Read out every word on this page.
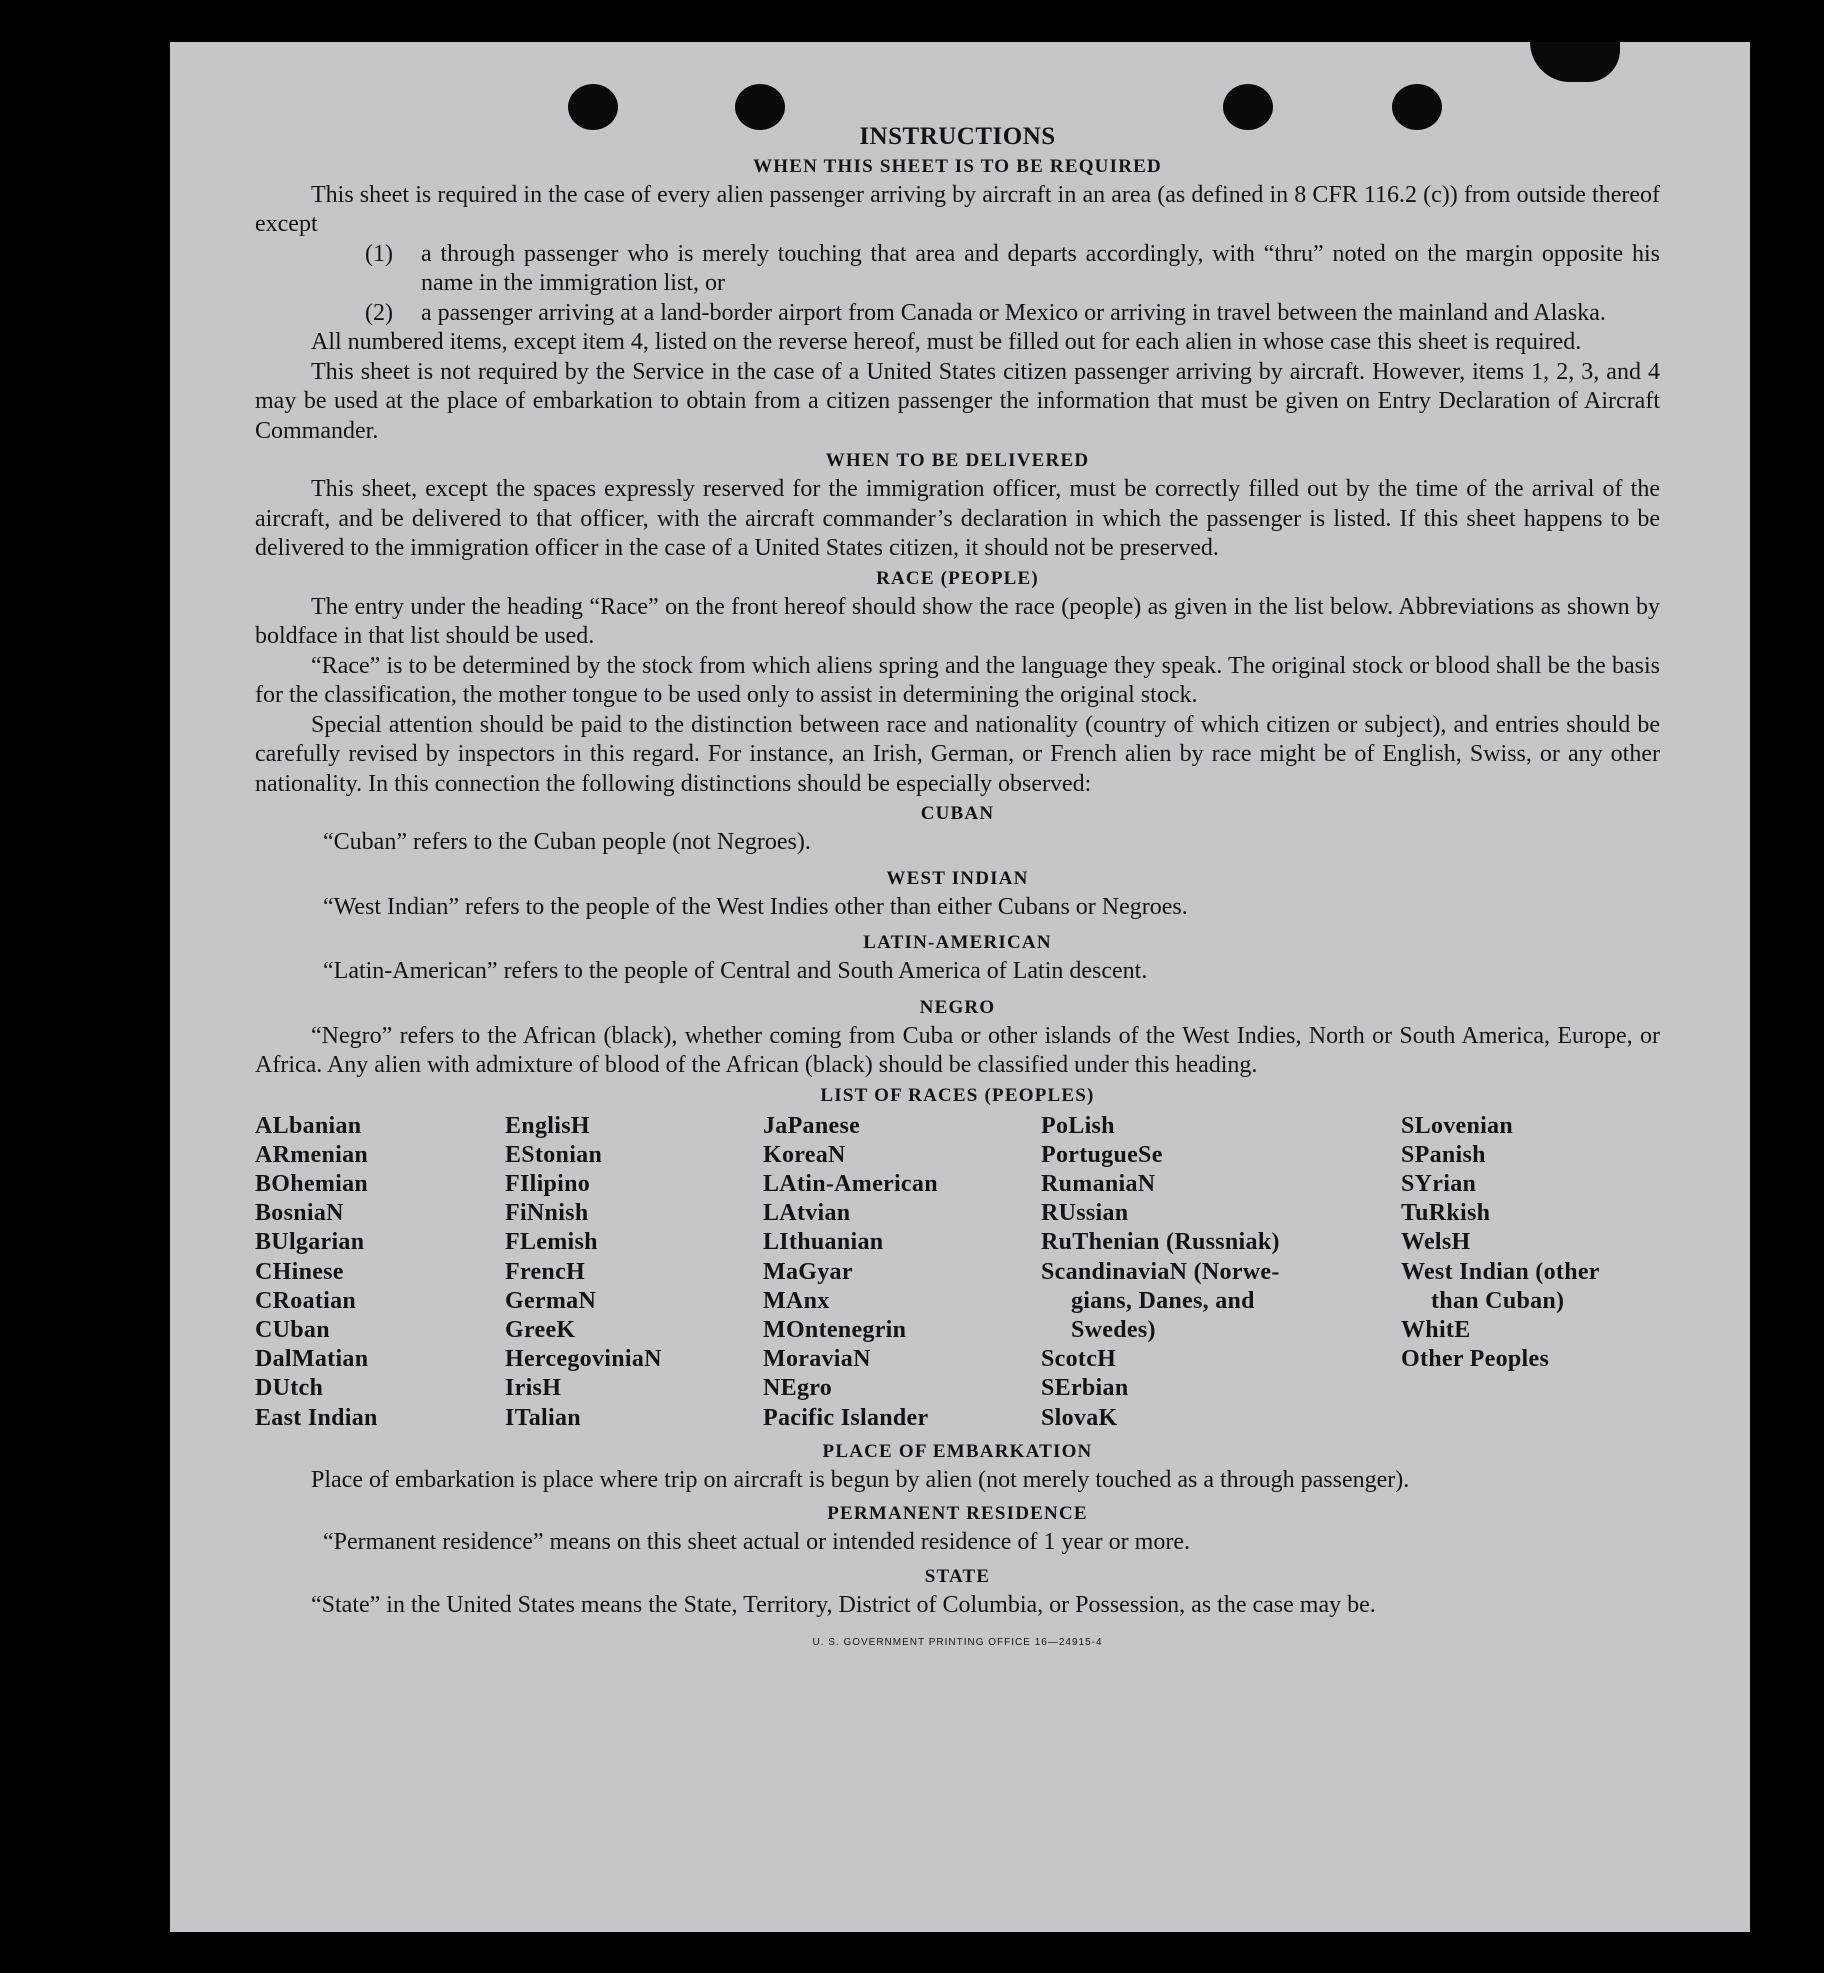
INSTRUCTIONS
WHEN THIS SHEET IS TO BE REQUIRED
This sheet is required in the case of every alien passenger arriving by aircraft in an area (as defined in 8 CFR 116.2 (c)) from outside thereof except
(1)	a through passenger who is merely touching that area and departs accordingly, with “thru” noted on the margin opposite his name in the immigration list, or
(2)	a passenger arriving at a land-border airport from Canada or Mexico or arriving in travel between the mainland and Alaska.
All numbered items, except item 4, listed on the reverse hereof, must be filled out for each alien in whose case this sheet is required.
This sheet is not required by the Service in the case of a United States citizen passenger arriving by aircraft. However, items 1, 2, 3, and 4 may be used at the place of embarkation to obtain from a citizen passenger the information that must be given on Entry Declaration of Aircraft Commander.
WHEN TO BE DELIVERED
This sheet, except the spaces expressly reserved for the immigration officer, must be correctly filled out by the time of the arrival of the aircraft, and be delivered to that officer, with the aircraft commander’s declaration in which the passenger is listed. If this sheet happens to be delivered to the immigration officer in the case of a United States citizen, it should not be preserved.
RACE (PEOPLE)
The entry under the heading “Race” on the front hereof should show the race (people) as given in the list below. Abbreviations as shown by boldface in that list should be used.
“Race” is to be determined by the stock from which aliens spring and the language they speak. The original stock or blood shall be the basis for the classification, the mother tongue to be used only to assist in determining the original stock.
Special attention should be paid to the distinction between race and nationality (country of which citizen or subject), and entries should be carefully revised by inspectors in this regard. For instance, an Irish, German, or French alien by race might be of English, Swiss, or any other nationality. In this connection the following distinctions should be especially observed:
CUBAN
“Cuban” refers to the Cuban people (not Negroes).
WEST INDIAN
“West Indian” refers to the people of the West Indies other than either Cubans or Negroes.
LATIN-AMERICAN
“Latin-American” refers to the people of Central and South America of Latin descent.
NEGRO
“Negro” refers to the African (black), whether coming from Cuba or other islands of the West Indies, North or South America, Europe, or Africa. Any alien with admixture of blood of the African (black) should be classified under this heading.
LIST OF RACES (PEOPLES)
ALbanian
ARmenian
BOhemian
BosniaN
BUlgarian
CHinese
CRoatian
CUban
DalMatian
DUtch
East Indian
EnglisH
EStonian
FIlipino
FiNnish
FLemish
FrencH
GermaN
GreeK
HercegoviniaN
IrisH
ITalian
JaPanese
KoreaN
LAtin-American
LAtvian
LIthuanian
MaGyar
MAnx
MOntenegrin
MoraviaN
NEgro
Pacific Islander
PoLish
PortugueSe
RumaniaN
RUssian
RuThenian (Russniak)
ScandinaviaN (Norwe-
gians, Danes, and
Swedes)
ScotcH
SErbian
SlovaK
SLovenian
SPanish
SYrian
TuRkish
WelsH
West Indian (other
than Cuban)
WhitE
Other Peoples
PLACE OF EMBARKATION
Place of embarkation is place where trip on aircraft is begun by alien (not merely touched as a through passenger).
PERMANENT RESIDENCE
“Permanent residence” means on this sheet actual or intended residence of 1 year or more.
STATE
“State” in the United States means the State, Territory, District of Columbia, or Possession, as the case may be.
U. S. GOVERNMENT PRINTING OFFICE 16—24915-4
